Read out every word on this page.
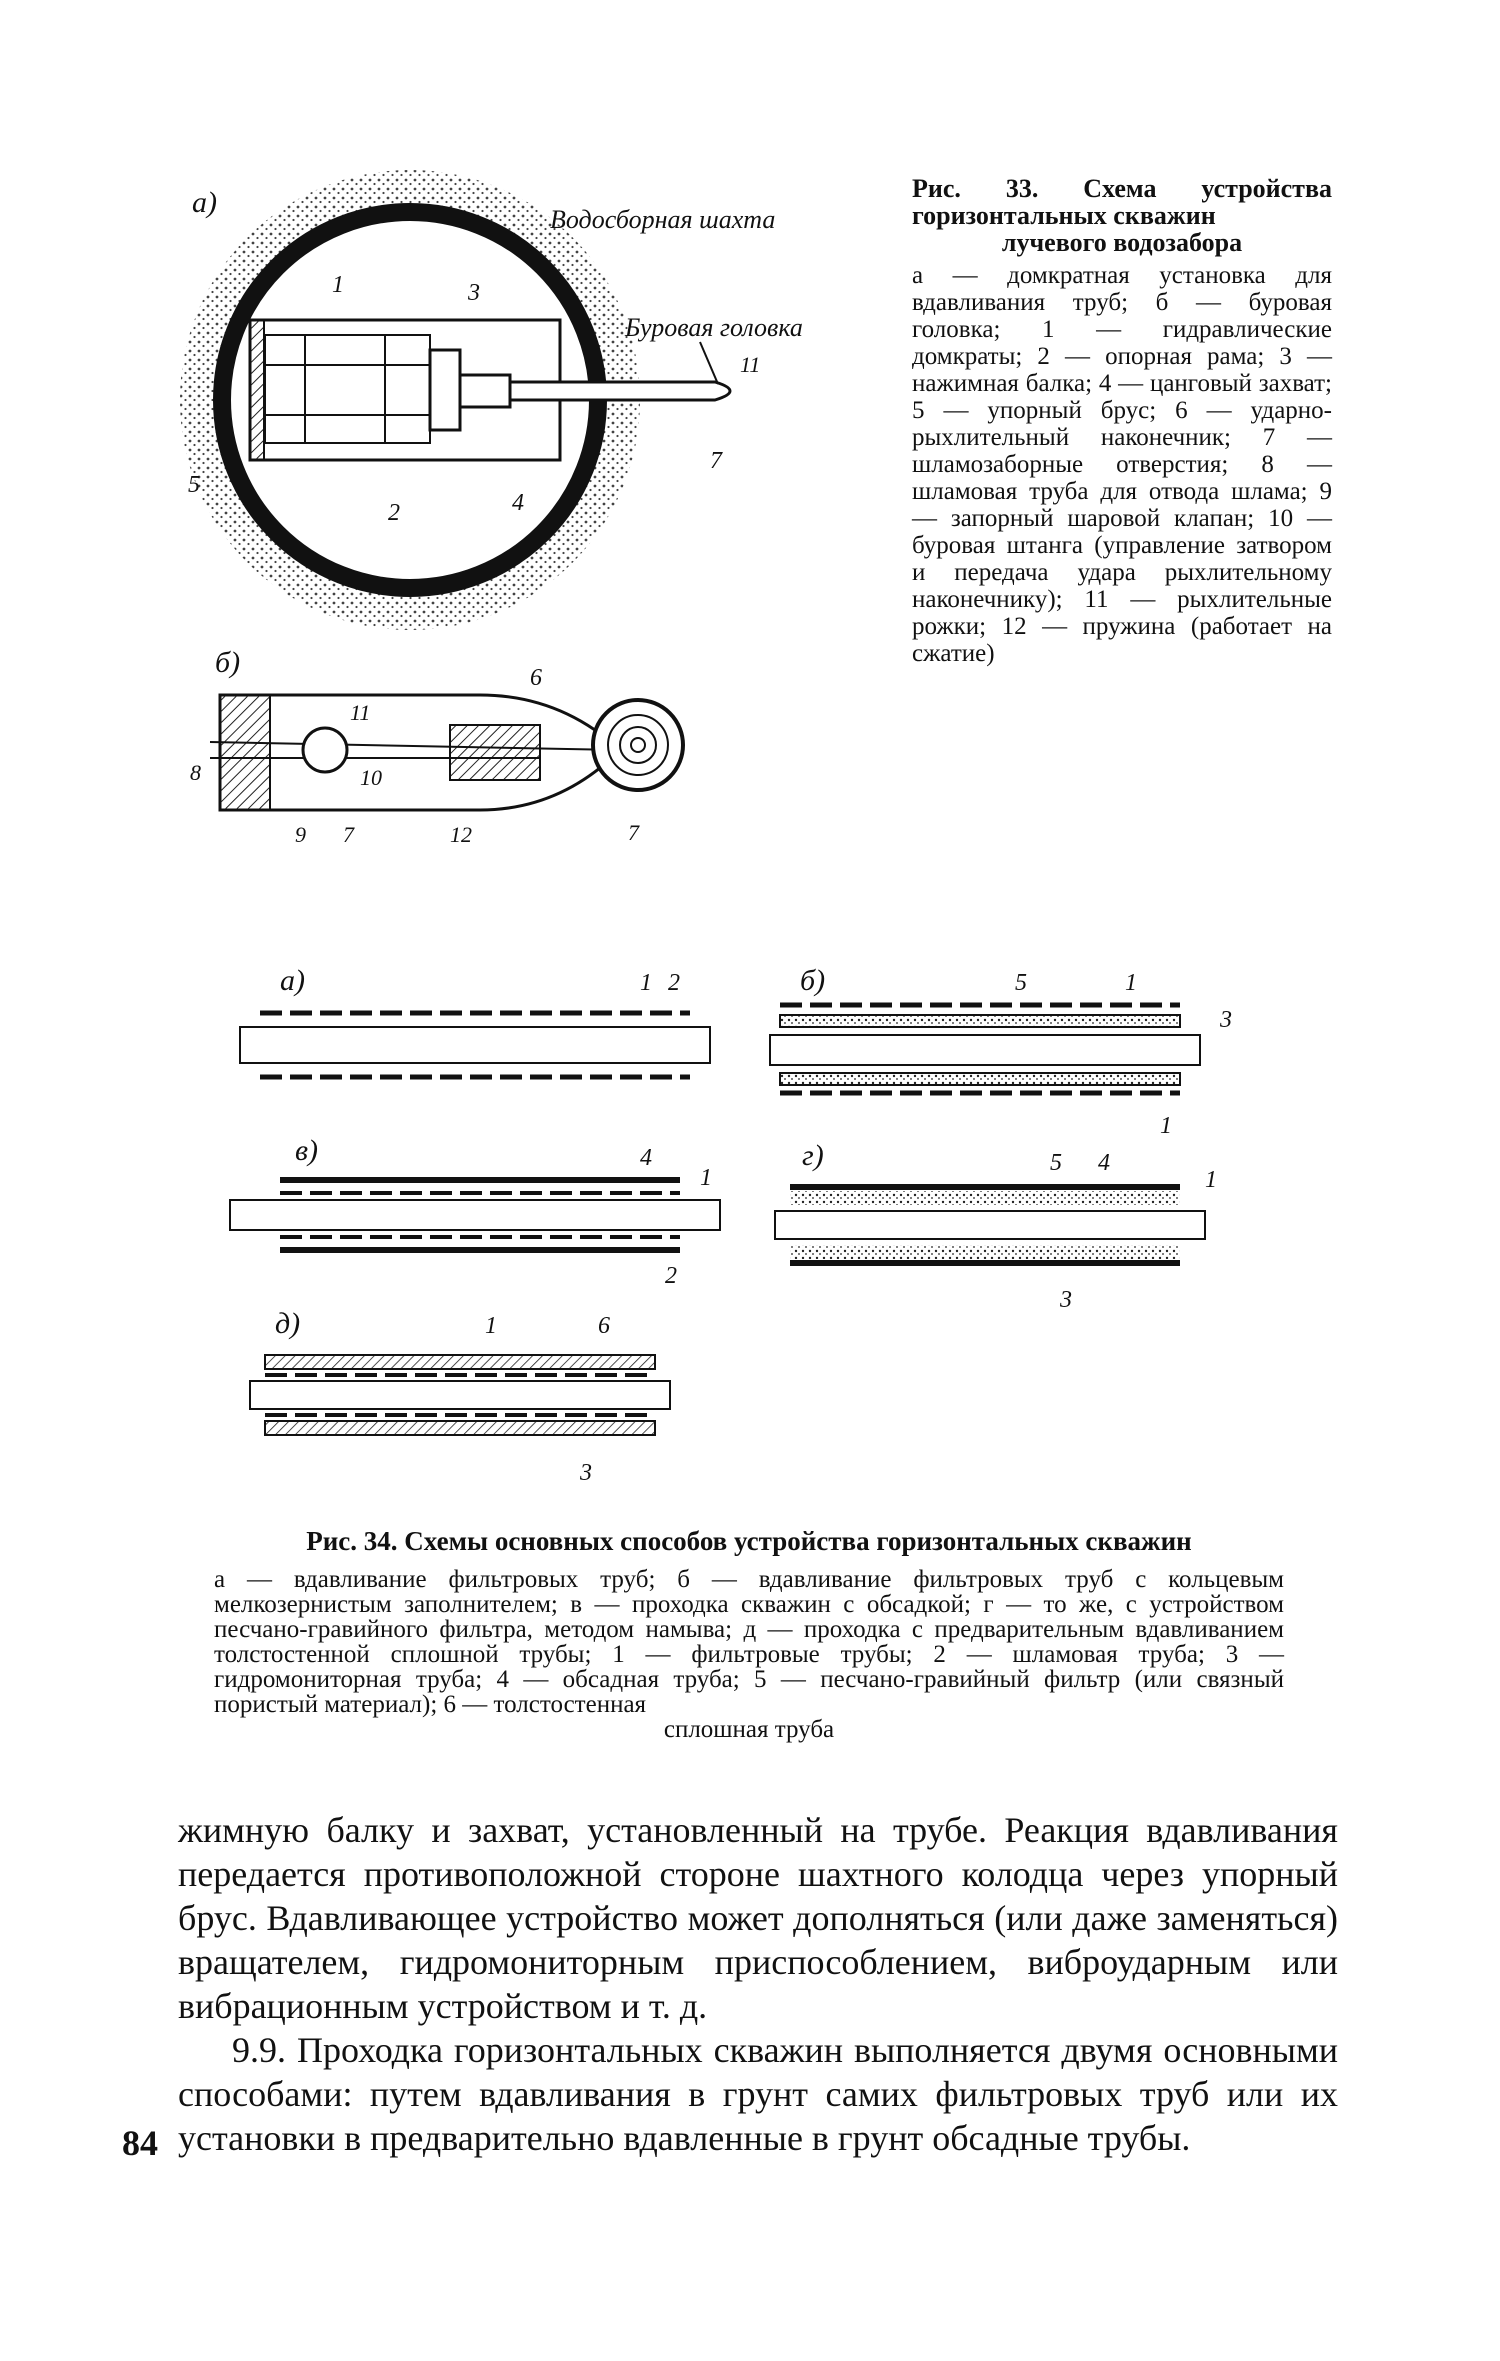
а)
Водосборная шахта
Буровая головка
1	3
2	4
5
7
11
б)	6
11
10
8
9 7	12	7

Рис. 33. Схема устройства горизонтальных скважин
лучевого водозабора

а — домкратная установка для вдавливания труб; б — буровая головка; 1 — гидравлические домкраты; 2 — опорная рама; 3 — нажимная балка; 4 — цанговый захват; 5 — упорный брус; 6 — ударно-рыхлительный наконечник; 7 — шламозаборные отверстия; 8 — шламовая труба для отвода шлама; 9 — запорный шаровой клапан; 10 — буровая штанга (управление затвором и передача удара рыхлительному наконечнику); 11 — рыхлительные рожки; 12 — пружина (работает на сжатие)

а)	1 2	б)	5	1
3
1
в)	4
1
2
г)	5 4
1
3
д)	1	6
3

Рис. 34. Схемы основных способов устройства горизонтальных скважин

а — вдавливание фильтровых труб; б — вдавливание фильтровых труб с кольцевым мелкозернистым заполнителем; в — проходка скважин с обсадкой; г — то же, с устройством песчано-гравийного фильтра, методом намыва; д — проходка с предварительным вдавливанием толстостенной сплошной трубы; 1 — фильтровые трубы; 2 — шламовая труба; 3 — гидромониторная труба; 4 — обсадная труба; 5 — песчано-гравийный фильтр (или связный пористый материал); 6 — толстостенная
сплошная труба

жимную балку и захват, установленный на трубе. Реакция вдавливания передается противоположной стороне шахтного колодца через упорный брус. Вдавливающее устройство может дополняться (или даже заменяться) вращателем, гидромониторным приспособлением, виброударным или вибрационным устройством и т. д.

9.9. Проходка горизонтальных скважин выполняется двумя основными способами: путем вдавливания в грунт самих фильтровых труб или их установки в предварительно вдавленные в грунт обсадные трубы.

84
